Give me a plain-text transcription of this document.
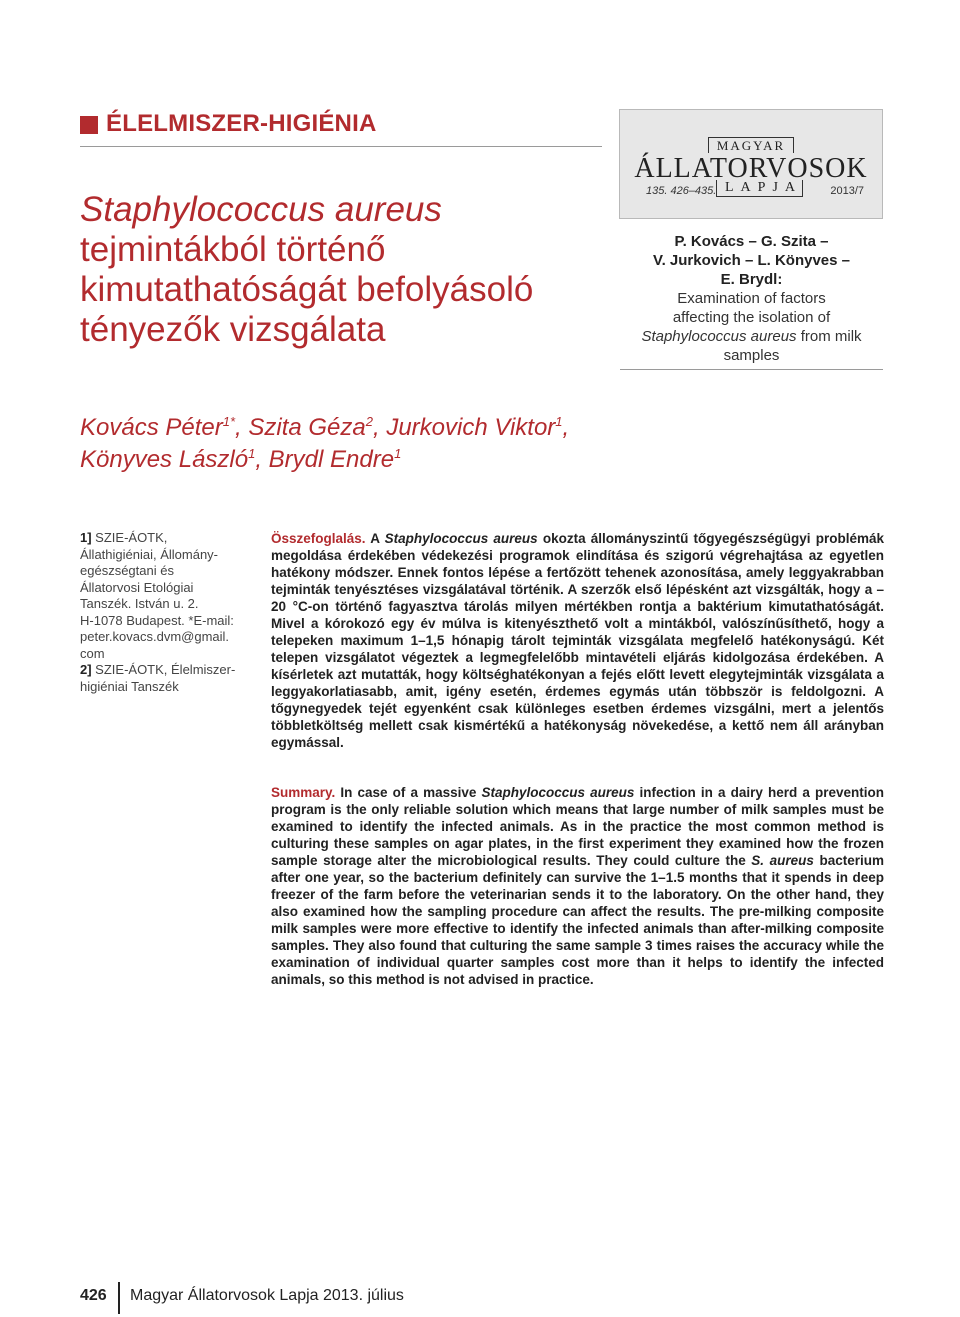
ÉLELMISZER-HIGIÉNIA
Staphylococcus aureus
tejmintákból történő
kimutathatóságát befolyásoló
tényezők vizsgálata
MAGYAR
ÁLLATORVOSOK
135. 426–435. LAPJA	2013/7
P. Kovács – G. Szita –
V. Jurkovich – L. Könyves –
E. Brydl:
Examination of factors
affecting the isolation of
Staphylococcus aureus from milk
samples
Kovács Péter$^{1*}$, Szita Géza$^2$, Jurkovich Viktor$^1$,
Könyves László$^1$, Brydl Endre$^1$
1] SZIE-ÁOTK,
Állathigiéniai, Állomány-
egészségtani és
Állatorvosi Etológiai
Tanszék. István u. 2.
H-1078 Budapest. *E-mail:
peter.kovacs.dvm@gmail.
com
2] SZIE-ÁOTK, Élelmiszer-
higiéniai Tanszék
Összefoglalás. A Staphylococcus aureus okozta állományszintű tőgyegészségügyi problémák megoldása érdekében védekezési programok elindítása és szigorú végrehajtása az egyetlen hatékony módszer. Ennek fontos lépése a fertőzött tehenek azonosítása, amely leggyakrabban tejminták tenyésztéses vizsgálatával történik. A szerzők első lépésként azt vizsgálták, hogy a –20 °C-on történő fagyasztva tárolás milyen mértékben rontja a baktérium kimutathatóságát. Mivel a kórokozó egy év múlva is kitenyészthető volt a mintákból, valószínűsíthető, hogy a telepeken maximum 1–1,5 hónapig tárolt tejminták vizsgálata megfelelő hatékonyságú. Két telepen vizsgálatot végeztek a legmegfelelőbb mintavételi eljárás kidolgozása érdekében. A kísérletek azt mutatták, hogy költséghatékonyan a fejés előtt levett elegytejminták vizsgálata a leggyakorlatiasabb, amit, igény esetén, érdemes egymás után többször is feldolgozni. A tőgynegyedek tejét egyenként csak különleges esetben érdemes vizsgálni, mert a jelentős többletköltség mellett csak kismértékű a hatékonyság növekedése, a kettő nem áll arányban egymással.
Summary. In case of a massive Staphylococcus aureus infection in a dairy herd a prevention program is the only reliable solution which means that large number of milk samples must be examined to identify the infected animals. As in the practice the most common method is culturing these samples on agar plates, in the first experiment they examined how the frozen sample storage alter the microbiological results. They could culture the S. aureus bacterium after one year, so the bacterium definitely can survive the 1–1.5 months that it spends in deep freezer of the farm before the veterinarian sends it to the laboratory. On the other hand, they also examined how the sampling procedure can affect the results. The pre-milking composite milk samples were more effective to identify the infected animals than after-milking composite samples. They also found that culturing the same sample 3 times raises the accuracy while the examination of individual quarter samples cost more than it helps to identify the infected animals, so this method is not advised in practice.
426 Magyar Állatorvosok Lapja 2013. július
